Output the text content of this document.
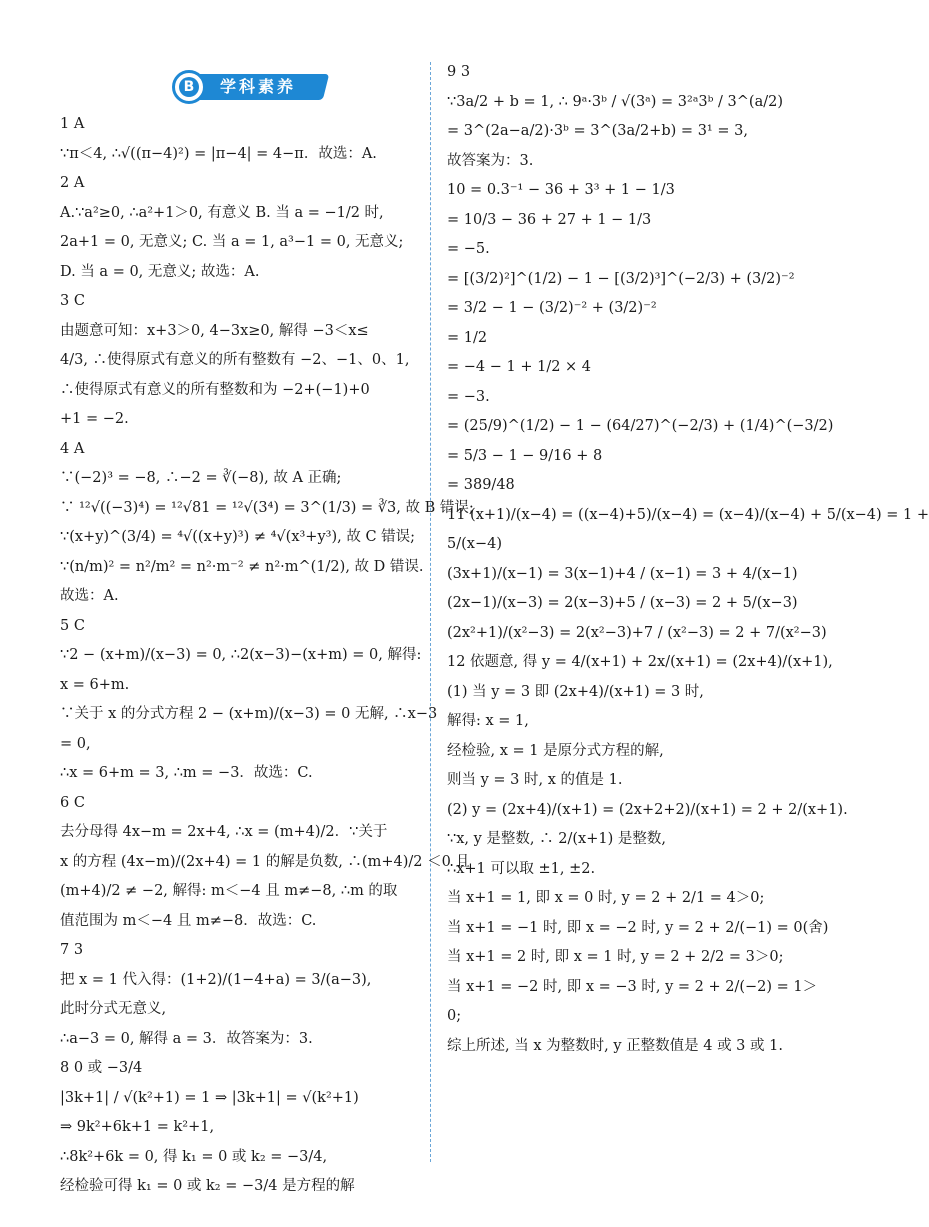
学科素养
B
1 A
∵π＜4, ∴√((π−4)²) = |π−4| = 4−π．故选：A.
2 A
A.∵a²≥0, ∴a²+1＞0, 有意义 B. 当 a = −1/2 时,
2a+1 = 0, 无意义; C. 当 a = 1, a³−1 = 0, 无意义;
D. 当 a = 0, 无意义; 故选：A.
3 C
由题意可知：x+3＞0, 4−3x≥0, 解得 −3＜x≤
4/3, ∴使得原式有意义的所有整数有 −2、−1、0、1,
∴使得原式有意义的所有整数和为 −2+(−1)+0
+1 = −2.
4 A
∵(−2)³ = −8, ∴−2 = ∛(−8), 故 A 正确;
∵ ¹²√((−3)⁴) = ¹²√81 = ¹²√(3⁴) = 3^(1/3) = ∛3, 故 B 错误;
∵(x+y)^(3/4) = ⁴√((x+y)³) ≠ ⁴√(x³+y³), 故 C 错误;
∵(n/m)² = n²/m² = n²·m⁻² ≠ n²·m^(1/2), 故 D 错误.
故选：A.
5 C
∵2 − (x+m)/(x−3) = 0, ∴2(x−3)−(x+m) = 0, 解得:
x = 6+m.
∵关于 x 的分式方程 2 − (x+m)/(x−3) = 0 无解, ∴x−3
= 0,
∴x = 6+m = 3, ∴m = −3．故选：C.
6 C
去分母得 4x−m = 2x+4, ∴x = (m+4)/2．∵关于
x 的方程 (4x−m)/(2x+4) = 1 的解是负数, ∴(m+4)/2 ＜0 且
(m+4)/2 ≠ −2, 解得: m＜−4 且 m≠−8, ∴m 的取
值范围为 m＜−4 且 m≠−8．故选：C.
7 3
把 x = 1 代入得：(1+2)/(1−4+a) = 3/(a−3),
此时分式无意义,
∴a−3 = 0, 解得 a = 3．故答案为：3.
8 0 或 −3/4
|3k+1| / √(k²+1) = 1 ⇒ |3k+1| = √(k²+1)
⇒ 9k²+6k+1 = k²+1,
∴8k²+6k = 0, 得 k₁ = 0 或 k₂ = −3/4,
经检验可得 k₁ = 0 或 k₂ = −3/4 是方程的解
9 3
∵3a/2 + b = 1, ∴ 9ᵃ·3ᵇ / √(3ᵃ) = 3²ᵃ3ᵇ / 3^(a/2)
= 3^(2a−a/2)·3ᵇ = 3^(3a/2+b) = 3¹ = 3,
故答案为：3.
10 = 0.3⁻¹ − 36 + 3³ + 1 − 1/3
= 10/3 − 36 + 27 + 1 − 1/3
= −5.
= [(3/2)²]^(1/2) − 1 − [(3/2)³]^(−2/3) + (3/2)⁻²
= 3/2 − 1 − (3/2)⁻² + (3/2)⁻²
= 1/2
= −4 − 1 + 1/2 × 4
= −3.
= (25/9)^(1/2) − 1 − (64/27)^(−2/3) + (1/4)^(−3/2)
= 5/3 − 1 − 9/16 + 8
= 389/48
11 (x+1)/(x−4) = ((x−4)+5)/(x−4) = (x−4)/(x−4) + 5/(x−4) = 1 +
5/(x−4)
(3x+1)/(x−1) = 3(x−1)+4 / (x−1) = 3 + 4/(x−1)
(2x−1)/(x−3) = 2(x−3)+5 / (x−3) = 2 + 5/(x−3)
(2x²+1)/(x²−3) = 2(x²−3)+7 / (x²−3) = 2 + 7/(x²−3)
12 依题意, 得 y = 4/(x+1) + 2x/(x+1) = (2x+4)/(x+1),
(1) 当 y = 3 即 (2x+4)/(x+1) = 3 时,
解得: x = 1,
经检验, x = 1 是原分式方程的解,
则当 y = 3 时, x 的值是 1.
(2) y = (2x+4)/(x+1) = (2x+2+2)/(x+1) = 2 + 2/(x+1).
∵x, y 是整数, ∴ 2/(x+1) 是整数,
∴x+1 可以取 ±1, ±2.
当 x+1 = 1, 即 x = 0 时, y = 2 + 2/1 = 4＞0;
当 x+1 = −1 时, 即 x = −2 时, y = 2 + 2/(−1) = 0(舍)
当 x+1 = 2 时, 即 x = 1 时, y = 2 + 2/2 = 3＞0;
当 x+1 = −2 时, 即 x = −3 时, y = 2 + 2/(−2) = 1＞
0;
综上所述, 当 x 为整数时, y 正整数值是 4 或 3 或 1.
